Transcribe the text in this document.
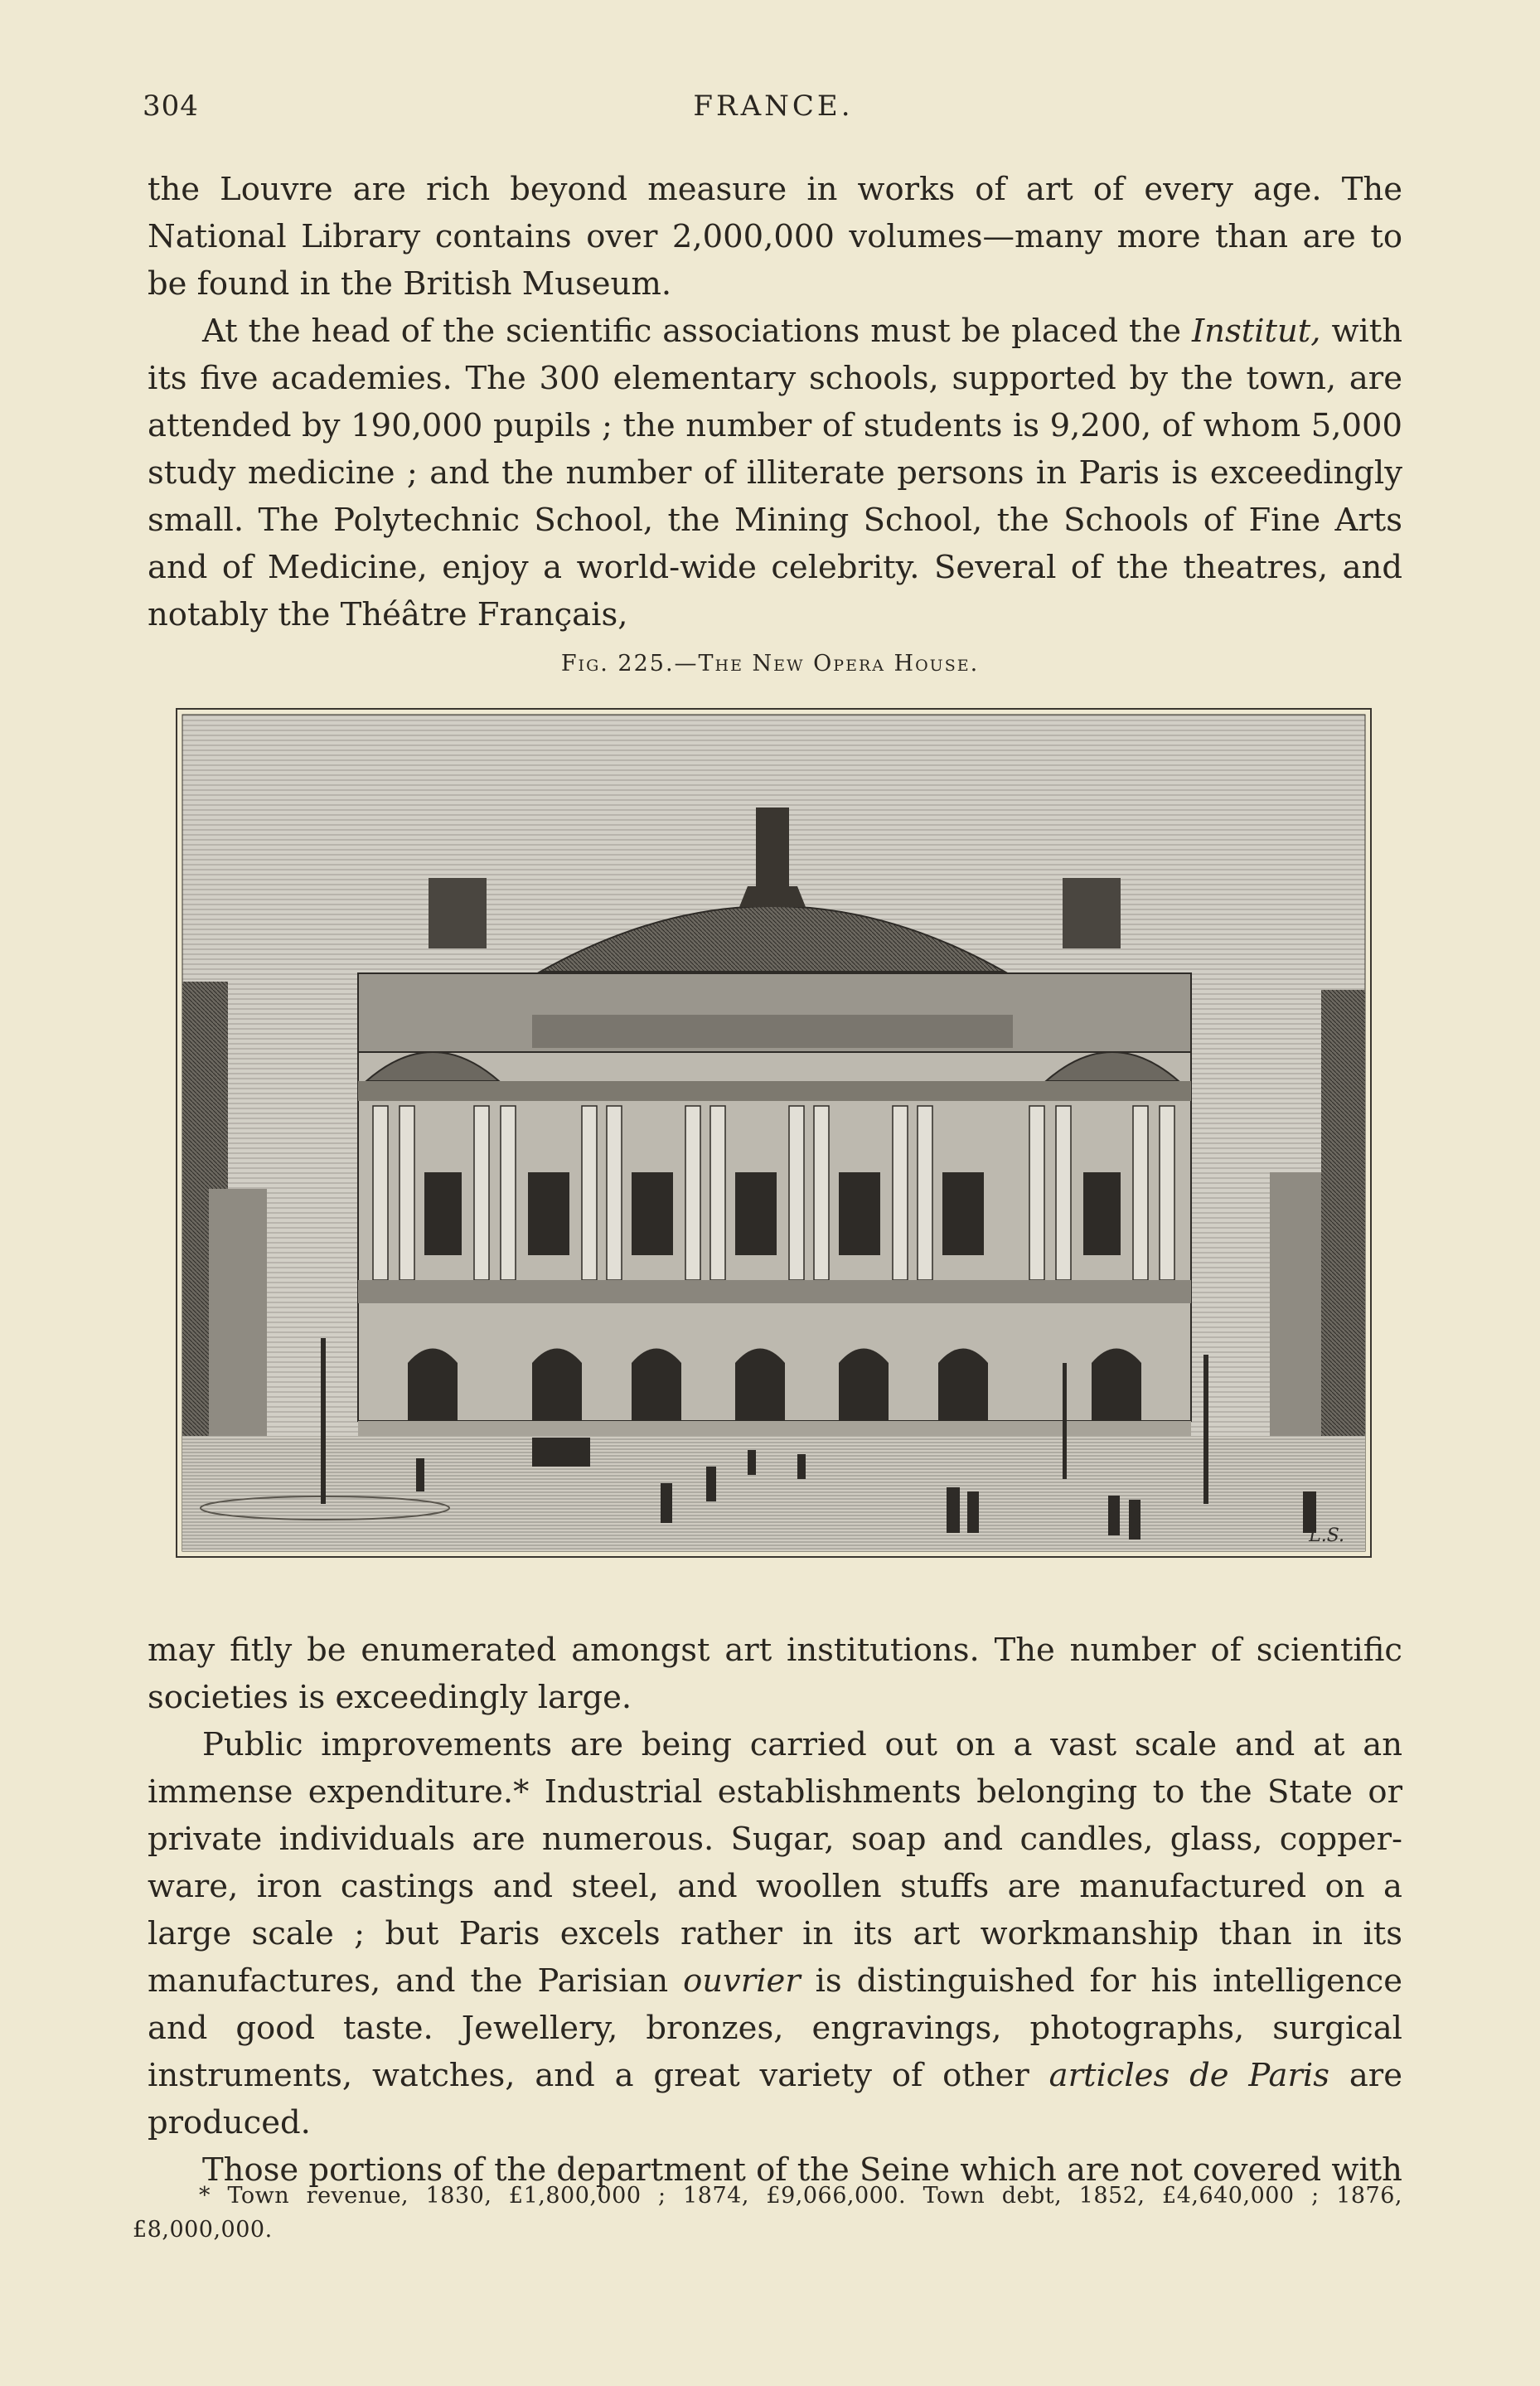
304	FRANCE.

the Louvre are rich beyond measure in works of art of every age. The National Library contains over 2,000,000 volumes—many more than are to be found in the British Museum.

At the head of the scientific associations must be placed the Institut, with its five academies. The 300 elementary schools, supported by the town, are attended by 190,000 pupils ; the number of students is 9,200, of whom 5,000 study medicine ; and the number of illiterate persons in Paris is exceedingly small. The Polytechnic School, the Mining School, the Schools of Fine Arts and of Medicine, enjoy a world-wide celebrity. Several of the theatres, and notably the Théâtre Français,

Fig. 225.—The New Opera House.
L.S.

may fitly be enumerated amongst art institutions. The number of scientific societies is exceedingly large.

Public improvements are being carried out on a vast scale and at an immense expenditure.* Industrial establishments belonging to the State or private individuals are numerous. Sugar, soap and candles, glass, copper-ware, iron castings and steel, and woollen stuffs are manufactured on a large scale ; but Paris excels rather in its art workmanship than in its manufactures, and the Parisian ouvrier is distinguished for his intelligence and good taste. Jewellery, bronzes, engravings, photographs, surgical instruments, watches, and a great variety of other articles de Paris are produced.

Those portions of the department of the Seine which are not covered with

* Town revenue, 1830, £1,800,000 ; 1874, £9,066,000. Town debt, 1852, £4,640,000 ; 1876, £8,000,000.
